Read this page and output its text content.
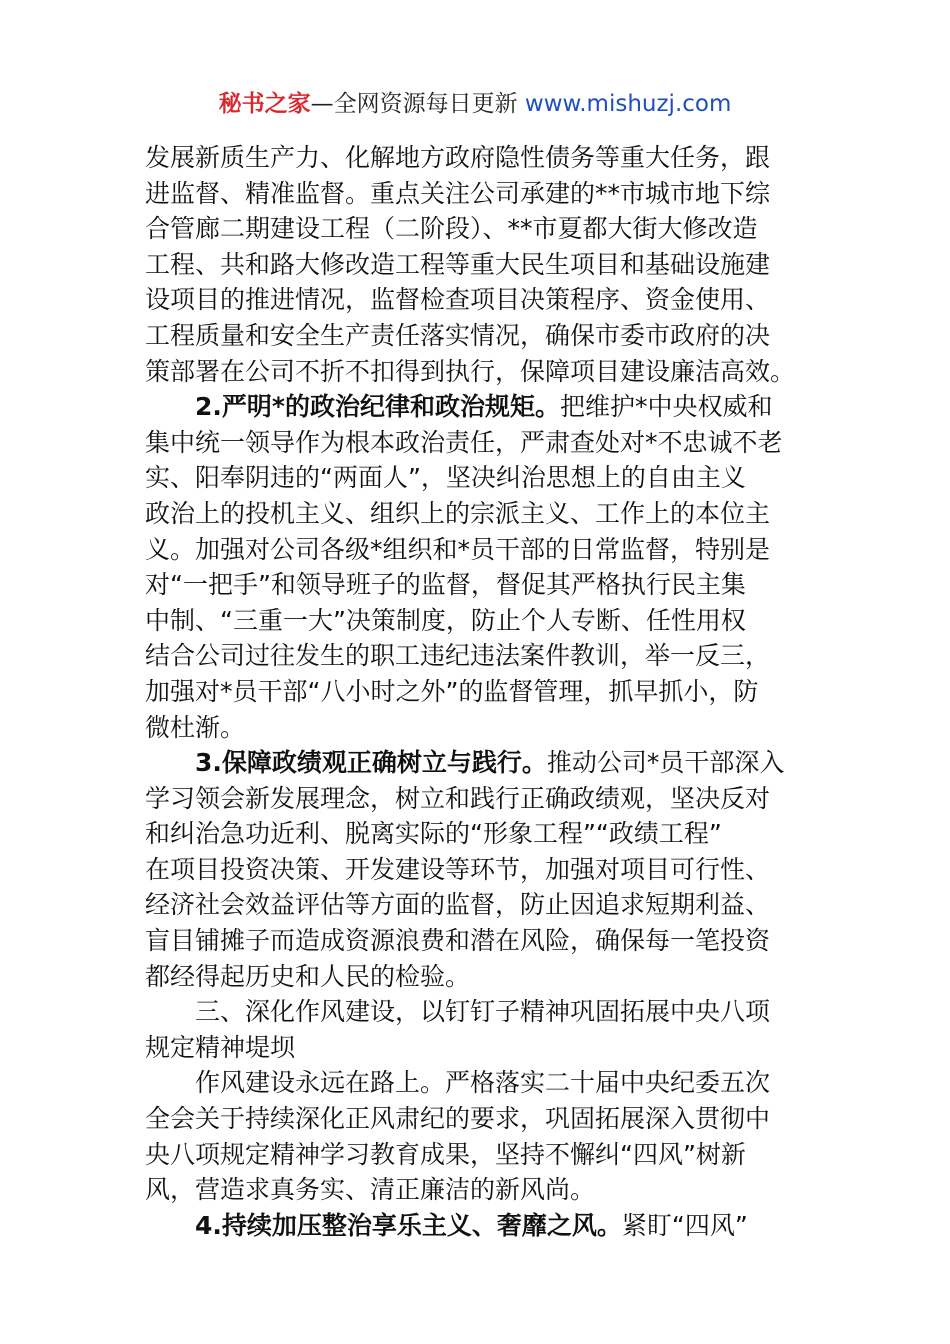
秘书之家—全网资源每日更新 www.mishuzj.com
发展新质生产力、化解地方政府隐性债务等重大任务，跟
进监督、精准监督。重点关注公司承建的**市城市地下综
合管廊二期建设工程（二阶段）、**市夏都大街大修改造
工程、共和路大修改造工程等重大民生项目和基础设施建
设项目的推进情况，监督检查项目决策程序、资金使用、
工程质量和安全生产责任落实情况，确保市委市政府的决
策部署在公司不折不扣得到执行，保障项目建设廉洁高效。
2.严明*的政治纪律和政治规矩。把维护*中央权威和
集中统一领导作为根本政治责任，严肃查处对*不忠诚不老
实、阳奉阴违的“两面人”，坚决纠治思想上的自由主义
政治上的投机主义、组织上的宗派主义、工作上的本位主
义。加强对公司各级*组织和*员干部的日常监督，特别是
对“一把手”和领导班子的监督，督促其严格执行民主集
中制、“三重一大”决策制度，防止个人专断、任性用权
结合公司过往发生的职工违纪违法案件教训，举一反三，
加强对*员干部“八小时之外”的监督管理，抓早抓小，防
微杜渐。
3.保障政绩观正确树立与践行。推动公司*员干部深入
学习领会新发展理念，树立和践行正确政绩观，坚决反对
和纠治急功近利、脱离实际的“形象工程”“政绩工程”
在项目投资决策、开发建设等环节，加强对项目可行性、
经济社会效益评估等方面的监督，防止因追求短期利益、
盲目铺摊子而造成资源浪费和潜在风险，确保每一笔投资
都经得起历史和人民的检验。
三、深化作风建设，以钉钉子精神巩固拓展中央八项
规定精神堤坝
作风建设永远在路上。严格落实二十届中央纪委五次
全会关于持续深化正风肃纪的要求，巩固拓展深入贯彻中
央八项规定精神学习教育成果，坚持不懈纠“四风”树新
风，营造求真务实、清正廉洁的新风尚。
4.持续加压整治享乐主义、奢靡之风。紧盯“四风”
